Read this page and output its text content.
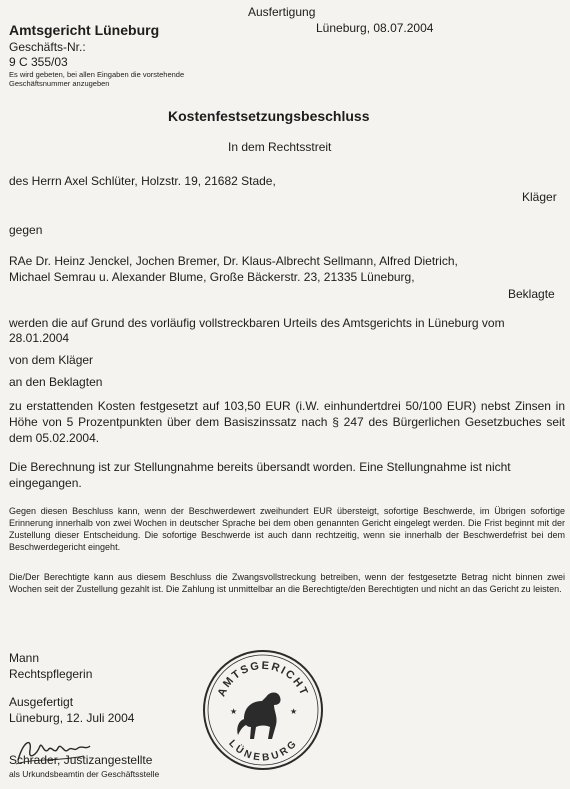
Amtsgericht Lüneburg
Ausfertigung
Lüneburg, 08.07.2004
Geschäfts-Nr.:
9 C 355/03
Es wird gebeten, bei allen Eingaben die vorstehende Geschäftsnummer anzugeben
Kostenfestsetzungsbeschluss
In dem Rechtsstreit
des Herrn Axel Schlüter, Holzstr. 19, 21682 Stade,
Kläger
gegen
RAe Dr. Heinz Jenckel, Jochen Bremer, Dr. Klaus-Albrecht Sellmann, Alfred Dietrich,
Michael Semrau u. Alexander Blume, Große Bäckerstr. 23, 21335 Lüneburg,
Beklagte
werden die auf Grund des vorläufig vollstreckbaren Urteils des Amtsgerichts in Lüneburg vom 28.01.2004
von dem Kläger
an den Beklagten
zu erstattenden Kosten festgesetzt auf 103,50 EUR (i.W. einhundertdrei 50/100 EUR) nebst Zinsen in Höhe von 5 Prozentpunkten über dem Basiszinssatz nach § 247 des Bürgerlichen Gesetzbuches seit dem 05.02.2004.
Die Berechnung ist zur Stellungnahme bereits übersandt worden. Eine Stellungnahme ist nicht eingegangen.
Gegen diesen Beschluss kann, wenn der Beschwerdewert zweihundert EUR übersteigt, sofortige Beschwerde, im Übrigen sofortige Erinnerung innerhalb von zwei Wochen in deutscher Sprache bei dem oben genannten Gericht eingelegt werden. Die Frist beginnt mit der Zustellung dieser Entscheidung. Die sofortige Beschwerde ist auch dann rechtzeitig, wenn sie innerhalb der Beschwerdefrist bei dem Beschwerdegericht eingeht.
Die/Der Berechtigte kann aus diesem Beschluss die Zwangsvollstreckung betreiben, wenn der festgesetzte Betrag nicht binnen zwei Wochen seit der Zustellung gezahlt ist. Die Zahlung ist unmittelbar an die Berechtigte/den Berechtigten und nicht an das Gericht zu leisten.
Mann
Rechtspflegerin
Ausgefertigt
Lüneburg, 12. Juli 2004
Schrader, Justizangestellte
als Urkundsbeamtin der Geschäftsstelle
AMTSGERICHT
LÜNEBURG
★	★
